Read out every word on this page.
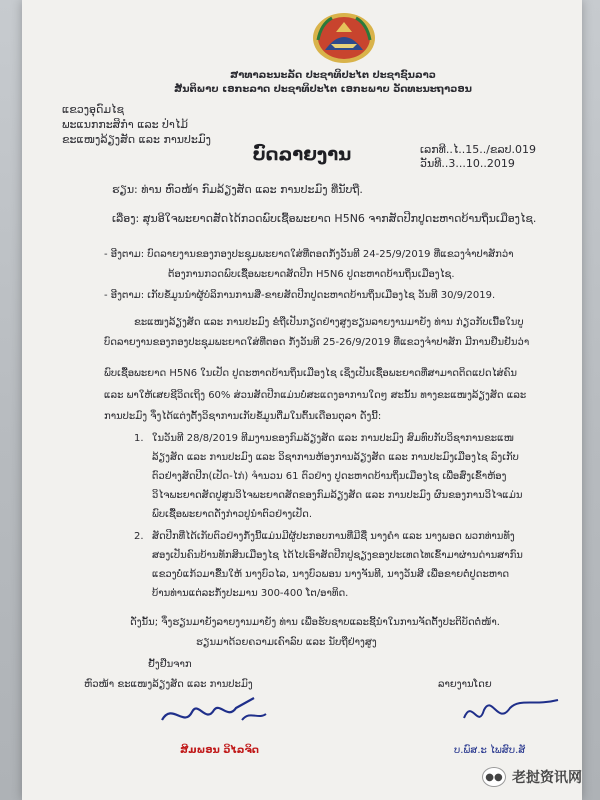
ສາທາລະນະລັດ ປະຊາທິປະໄຕ ປະຊາຊົນລາວ
ສັນຕິພາບ ເອກະລາດ ປະຊາທິປະໄຕ ເອກະພາບ ວັດທະນະຖາວອນ
ແຂວງອຸດົມໄຊ
ພະແນກກະສິກຳ ແລະ ປ່າໄມ້
ຂະແໜງລ້ຽງສັດ ແລະ ການປະມົງ
ເລກທີ..ໄ..15../ຂລປ.019
ວັນທີ..3...10..2019
ບົດລາຍງານ
ຮຽນ: ທ່ານ ຫົວໜ້າ ກົມລ້ຽງສັດ ແລະ ການປະມົງ ທີ່ນັບຖື.
ເລື່ອງ: ສຸນອີໃຈພະຍາດສັດໄດ້ກວດພົບເຊື້ອພະຍາດ H5N6 ຈາກສັດປີກປູດະຫາດບ້ານຖິ່ນເມືອງໄຊ.
- ອີງຕາມ: ບົດລາຍງານຂອງກອງປະຊຸມພະຍາດໃສ່ທີ່ຕອດກໍ້ງວັນທີ 24-25/9/2019 ທີ່ແຂວງຈໍາປາສັກວ່າ
ຕ້ອງການກວດພົບເຊື້ອພະຍາດສັດປີກ H5N6 ປູດະຫາດບ້ານຖິ່ນເມືອງໄຊ.
- ອີງຕາມ: ເກັບຂໍ້ມູນນໍາຜູ້ບໍລິການການສີ່-ຂາຍສັດປີກປູດະຫາດບ້ານຖິ່ນເມືອງໄຊ ວັນທີ 30/9/2019.
ຂະແໜງລ້ຽງສັດ ແລະ ການປະມົງ ຂໍຖືເປັນກຽດຢ່າງສູງຮຽນລາຍງານມາຍັງ ທ່ານ ກ່ຽວກັບເນື້ອໃນບູ
ບົດລາຍງານຂອງກອງປະຊຸມພະຍາດໃສ່ທີ່ຕອດ ກໍ້ງວັນທີ 25-26/9/2019 ທີ່ແຂວງຈໍາປາສັກ ມີການຢືນຢັນວ່າ
ພົບເຊື້ອພະຍາດ H5N6 ໃນເປັດ ປູດະຫາດບ້ານຖິ່ນເມືອງໄຊ ເຊິ່ງເປັນເຊື້ອພະຍາດທີ່ສາມາດຕິດແປດໄສ່ຄົນ
ແລະ ພາໃຫ້ເສຍຊີວິດເຖິງ 60% ສ່ວນສັດປີກແມ່ນບໍ່ສະແດງອາການໃດໆ ສະນັ້ນ ທາງຂະແໜງລ້ຽງສັດ ແລະ
ການປະມົງ ຈຶ່ງໄດ້ແຕ່ງຕັ້ງວິຊາການເກັບຂໍ້ມູນຕື່ມໃນຕົ້ນເດືອນຕຸລາ ດັ່ງນີ້:
1. ໃນວັນທີ 28/8/2019 ທີມງານຂອງກົມລ້ຽງສັດ ແລະ ການປະມົງ ສົມທົບກັບວິຊາການຂະແໜ
ລ້ຽງສັດ ແລະ ການປະມົງ ແລະ ວິຊາການຫ້ອງການລ້ຽງສັດ ແລະ ການປະມົງເມືອງໄຊ ລົງເກັບ
ຕົວຢ່າງສັດປີກ(ເປັດ-ໄກ່) ຈໍານວນ 61 ຕົວຢ່າງ ປູດະຫາດບ້ານຖິ່ນເມືອງໄຊ ເພື່ອສົ່ງເຂົ້າຫ້ອງ
ວິໄຈພະຍາດສັດປູສູນວິໄຈພະຍາດສັດຂອງກົມລ້ຽງສັດ ແລະ ການປະມົງ ຜົນຂອງການວິໄຈແມ່ນ
ພົບເຊື້ອພະຍາດດັ່ງກ່າວປູນໍາຕົວຢ່າງເປັດ.
2. ສັດປີກທີ່ໄດ້ເກັບຕົວຢ່າງກໍ້ງນີ້ແມ່ນມີຜູ້ປະກອບການທີ່ມີຊື່ ນາງຄໍາ ແລະ ນາງພອດ ພວກທ່ານທັງ
ສອງເປັນຄົນບ້ານທັກສິນເມືອງໄຊ ໄດ້ໄປເອົາສັດປີກປູຊຽງຂອງປະເທດໄທເຂົ້າມາຜ່ານດ່ານສາກົນ
ແຂວງບໍ່ແກ້ວມາຂື້ນໃຫ້ ນາງບົວໄລ, ນາງບົວພອນ ນາງຈັນທີ, ນາງວັນສີ ເພື່ອຂາຍຕໍ່ປູດະຫາດ
ບ້ານທ່ານແຕ່ລະກໍ້ງປະມານ 300-400 ໂຕ/ອາທິດ.
ດັ່ງນັ້ນ; ຈຶ່ງຮຽນມາຍັງລາຍງານມາຍັງ ທ່ານ ເພື່ອຮັບຊາບແລະຊີ້ນໍາໃນການຈັດຕັ້ງປະຕິບັດຕໍ່ໜ້າ.
ຮຽນມາດ້ວຍຄວາມເຄົາລົບ ແລະ ນັບຖືຢ່າງສູງ
ຢັ້ງຢືນຈາກ
ຫົວໜ້າ ຂະແໜງລ້ຽງສັດ ແລະ ການປະມົງ	ລາຍງານໂດຍ
ສີມພອນ ວິໄລຈິດ	ບ.ພົສ.ະ ໄພສົບ.ສັ
●● 老挝资讯网
